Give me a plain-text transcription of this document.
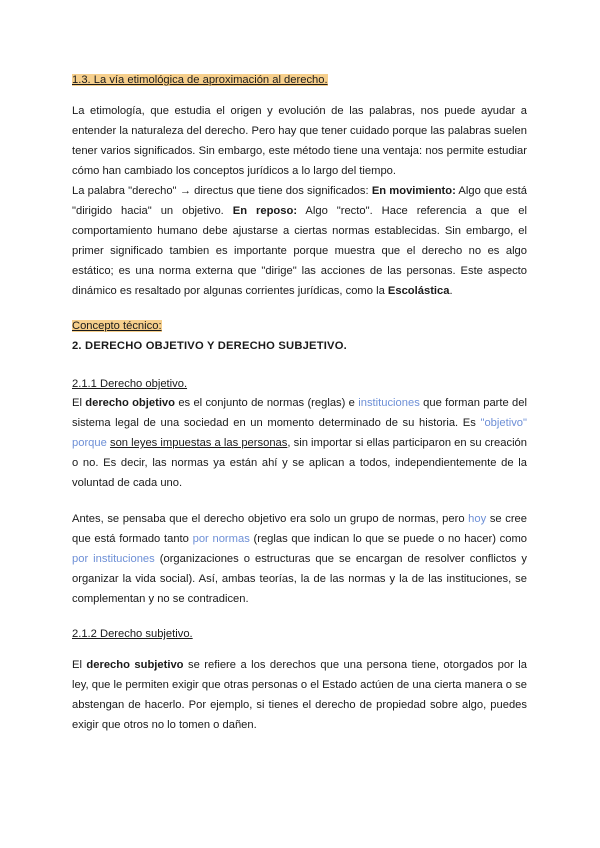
1.3. La vía etimológica de aproximación al derecho.

La etimología, que estudia el origen y evolución de las palabras, nos puede ayudar a entender la naturaleza del derecho. Pero hay que tener cuidado porque las palabras suelen tener varios significados. Sin embargo, este método tiene una ventaja: nos permite estudiar cómo han cambiado los conceptos jurídicos a lo largo del tiempo.

La palabra "derecho" → directus que tiene dos significados: En movimiento: Algo que está "dirigido hacia" un objetivo. En reposo: Algo "recto". Hace referencia a que el comportamiento humano debe ajustarse a ciertas normas establecidas. Sin embargo, el primer significado tambien es importante porque muestra que el derecho no es algo estático; es una norma externa que "dirige" las acciones de las personas. Este aspecto dinámico es resaltado por algunas corrientes jurídicas, como la Escolástica.

Concepto técnico:
2. DERECHO OBJETIVO Y DERECHO SUBJETIVO.
2.1.1 Derecho objetivo.

El derecho objetivo es el conjunto de normas (reglas) e instituciones que forman parte del sistema legal de una sociedad en un momento determinado de su historia. Es "objetivo" porque son leyes impuestas a las personas, sin importar si ellas participaron en su creación o no. Es decir, las normas ya están ahí y se aplican a todos, independientemente de la voluntad de cada uno.

Antes, se pensaba que el derecho objetivo era solo un grupo de normas, pero hoy se cree que está formado tanto por normas (reglas que indican lo que se puede o no hacer) como por instituciones (organizaciones o estructuras que se encargan de resolver conflictos y organizar la vida social). Así, ambas teorías, la de las normas y la de las instituciones, se complementan y no se contradicen.

2.1.2 Derecho subjetivo.

El derecho subjetivo se refiere a los derechos que una persona tiene, otorgados por la ley, que le permiten exigir que otras personas o el Estado actúen de una cierta manera o se abstengan de hacerlo. Por ejemplo, si tienes el derecho de propiedad sobre algo, puedes exigir que otros no lo tomen o dañen.
